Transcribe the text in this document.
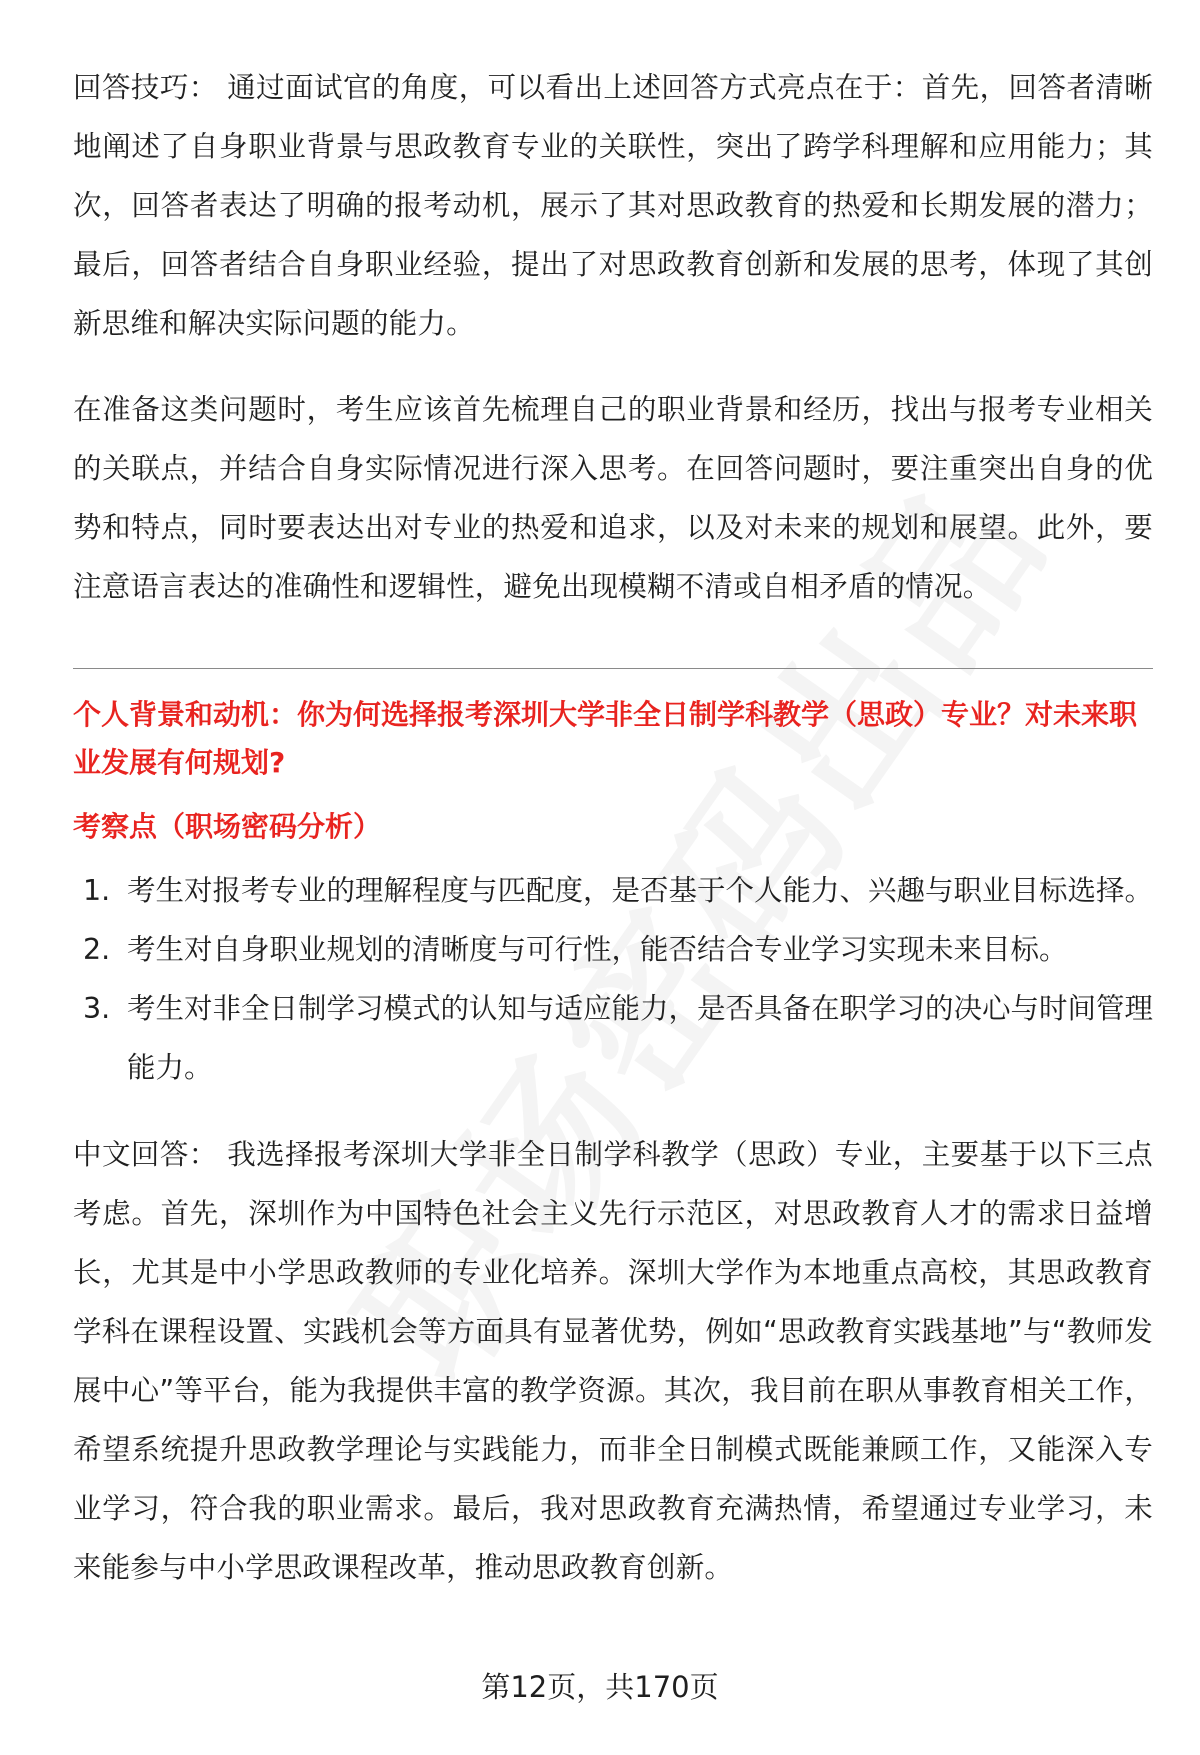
回答技巧： 通过面试官的角度，可以看出上述回答方式亮点在于：首先，回答者清晰地阐述了自身职业背景与思政教育专业的关联性，突出了跨学科理解和应用能力；其次，回答者表达了明确的报考动机，展示了其对思政教育的热爱和长期发展的潜力；最后，回答者结合自身职业经验，提出了对思政教育创新和发展的思考，体现了其创新思维和解决实际问题的能力。

在准备这类问题时，考生应该首先梳理自己的职业背景和经历，找出与报考专业相关的关联点，并结合自身实际情况进行深入思考。在回答问题时，要注重突出自身的优势和特点，同时要表达出对专业的热爱和追求，以及对未来的规划和展望。此外，要注意语言表达的准确性和逻辑性，避免出现模糊不清或自相矛盾的情况。

个人背景和动机：你为何选择报考深圳大学非全日制学科教学（思政）专业？对未来职业发展有何规划?

考察点（职场密码分析）

1. 考生对报考专业的理解程度与匹配度，是否基于个人能力、兴趣与职业目标选择。
2. 考生对自身职业规划的清晰度与可行性，能否结合专业学习实现未来目标。
3. 考生对非全日制学习模式的认知与适应能力，是否具备在职学习的决心与时间管理能力。

中文回答： 我选择报考深圳大学非全日制学科教学（思政）专业，主要基于以下三点考虑。首先，深圳作为中国特色社会主义先行示范区，对思政教育人才的需求日益增长，尤其是中小学思政教师的专业化培养。深圳大学作为本地重点高校，其思政教育学科在课程设置、实践机会等方面具有显著优势，例如“思政教育实践基地”与“教师发展中心”等平台，能为我提供丰富的教学资源。其次，我目前在职从事教育相关工作，希望系统提升思政教学理论与实践能力，而非全日制模式既能兼顾工作，又能深入专业学习，符合我的职业需求。最后，我对思政教育充满热情，希望通过专业学习，未来能参与中小学思政课程改革，推动思政教育创新。

第12页，共170页
